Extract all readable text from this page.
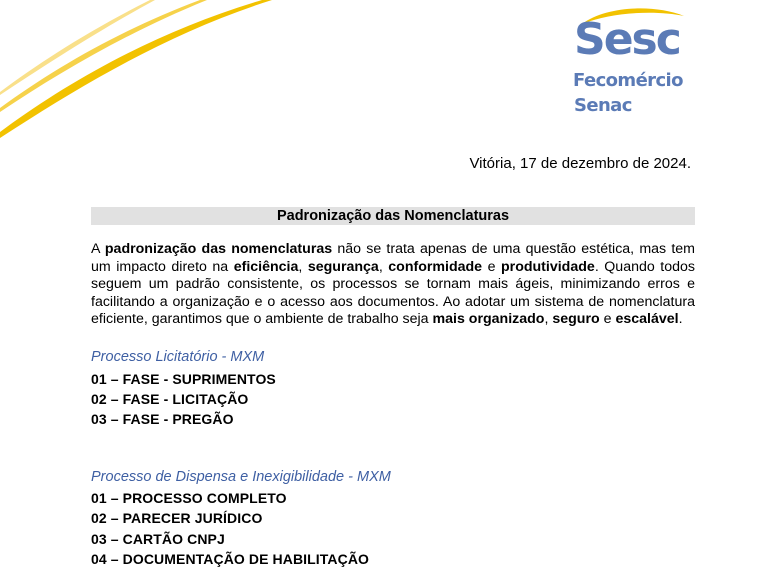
Sesc
Fecomércio
Senac
Vitória, 17 de dezembro de 2024.
Padronização das Nomenclaturas
A padronização das nomenclaturas não se trata apenas de uma questão estética, mas tem um impacto direto na eficiência, segurança, conformidade e produtividade. Quando todos seguem um padrão consistente, os processos se tornam mais ágeis, minimizando erros e facilitando a organização e o acesso aos documentos. Ao adotar um sistema de nomenclatura eficiente, garantimos que o ambiente de trabalho seja mais organizado, seguro e escalável.
Processo Licitatório - MXM
01 – FASE - SUPRIMENTOS
02 – FASE - LICITAÇÃO
03 – FASE - PREGÃO
Processo de Dispensa e Inexigibilidade - MXM
01 – PROCESSO COMPLETO
02 – PARECER JURÍDICO
03 – CARTÃO CNPJ
04 – DOCUMENTAÇÃO DE HABILITAÇÃO
